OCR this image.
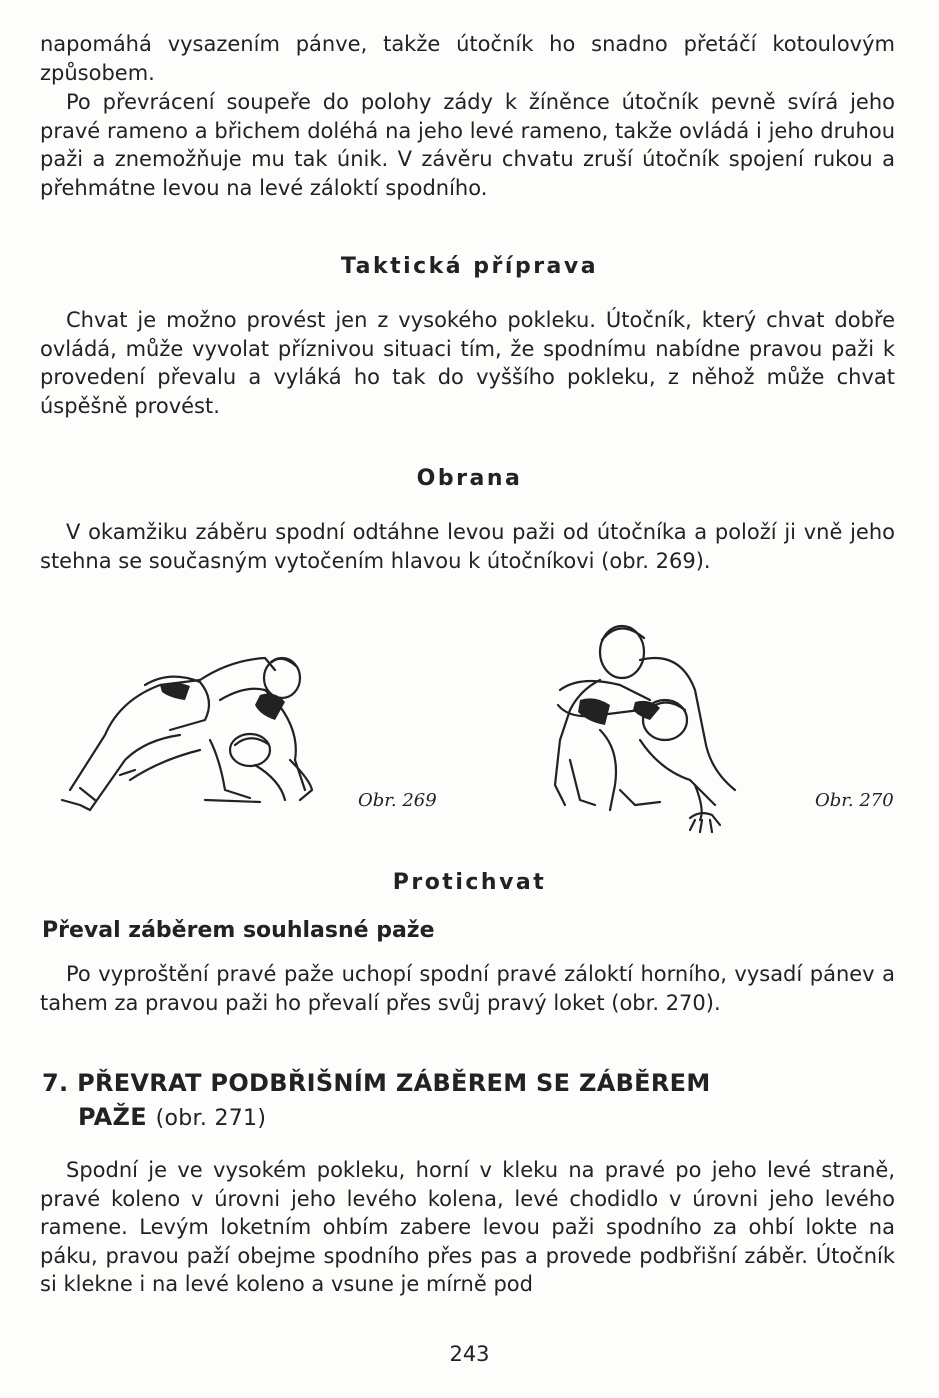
napomáhá vysazením pánve, takže útočník ho snadno přetáčí kotoulovým způsobem.

Po převrácení soupeře do polohy zády k žíněnce útočník pevně svírá jeho pravé rameno a břichem doléhá na jeho levé rameno, takže ovládá i jeho druhou paži a znemožňuje mu tak únik. V závěru chvatu zruší útočník spojení rukou a přehmátne levou na levé záloktí spodního.

Taktická příprava

Chvat je možno provést jen z vysokého pokleku. Útočník, který chvat dobře ovládá, může vyvolat příznivou situaci tím, že spodnímu nabídne pravou paži k provedení převalu a vyláká ho tak do vyššího pokleku, z něhož může chvat úspěšně provést.

Obrana

V okamžiku záběru spodní odtáhne levou paži od útočníka a položí ji vně jeho stehna se současným vytočením hlavou k útočníkovi (obr. 269).

Obr. 269	Obr. 270
Protichvat
Převal záběrem souhlasné paže

Po vyproštění pravé paže uchopí spodní pravé záloktí horního, vysadí pánev a tahem za pravou paži ho převalí přes svůj pravý loket (obr. 270).

7. PŘEVRAT PODBŘIŠNÍM ZÁBĚREM SE ZÁBĚREM
PAŽE (obr. 271)

Spodní je ve vysokém pokleku, horní v kleku na pravé po jeho levé straně, pravé koleno v úrovni jeho levého kolena, levé chodidlo v úrovni jeho levého ramene. Levým loketním ohbím zabere levou paži spodního za ohbí lokte na páku, pravou paží obejme spodního přes pas a provede podbřišní záběr. Útočník si klekne i na levé koleno a vsune je mírně pod

243
